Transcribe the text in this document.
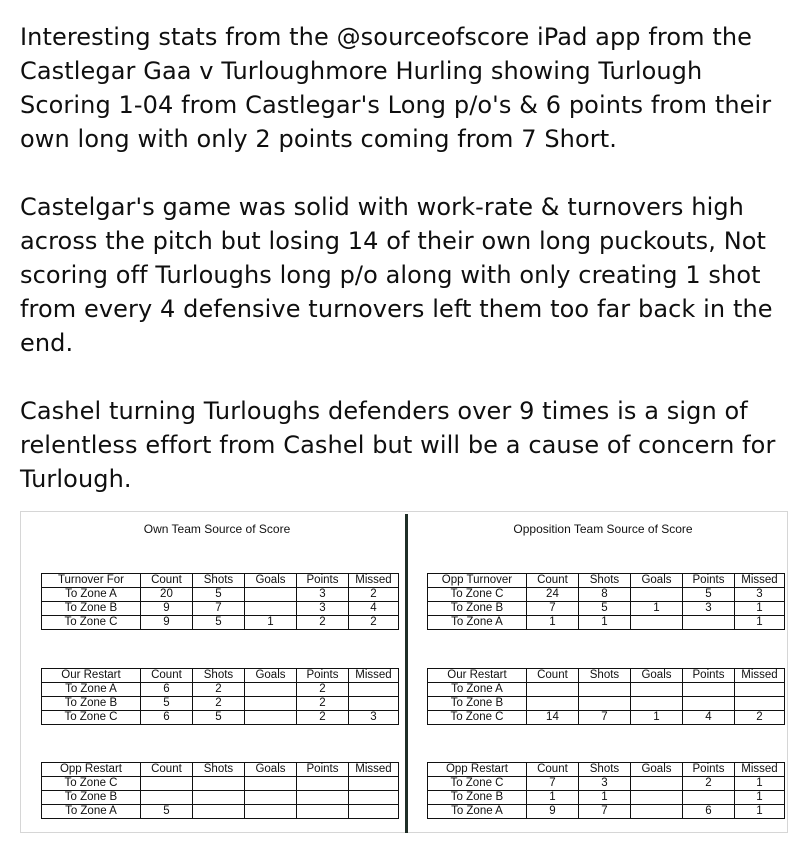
Interesting stats from the @sourceofscore iPad app from the Castlegar Gaa v Turloughmore Hurling showing Turlough Scoring 1-04 from Castlegar's Long p/o's & 6 points from their own long with only 2 points coming from 7 Short.

Castelgar's game was solid with work-rate & turnovers high across the pitch but losing 14 of their own long puckouts, Not scoring off Turloughs long p/o along with only creating 1 shot from every 4 defensive turnovers left them too far back in the end.

Cashel turning Turloughs defenders over 9 times is a sign of relentless effort from Cashel but will be a cause of concern for Turlough.

Own Team Source of Score
Turnover For	Count	Shots	Goals	Points	Missed
To Zone A	20	5		3	2
To Zone B	9	7		3	4
To Zone C	9	5	1	2	2
Our Restart	Count	Shots	Goals	Points	Missed
To Zone A	6	2		2	
To Zone B	5	2		2	
To Zone C	6	5		2	3
Opp Restart	Count	Shots	Goals	Points	Missed
To Zone C					
To Zone B					
To Zone A	5				
Opposition Team Source of Score
Opp Turnover	Count	Shots	Goals	Points	Missed
To Zone C	24	8		5	3
To Zone B	7	5	1	3	1
To Zone A	1	1			1
Our Restart	Count	Shots	Goals	Points	Missed
To Zone A					
To Zone B					
To Zone C	14	7	1	4	2
Opp Restart	Count	Shots	Goals	Points	Missed
To Zone C	7	3		2	1
To Zone B	1	1			1
To Zone A	9	7		6	1
